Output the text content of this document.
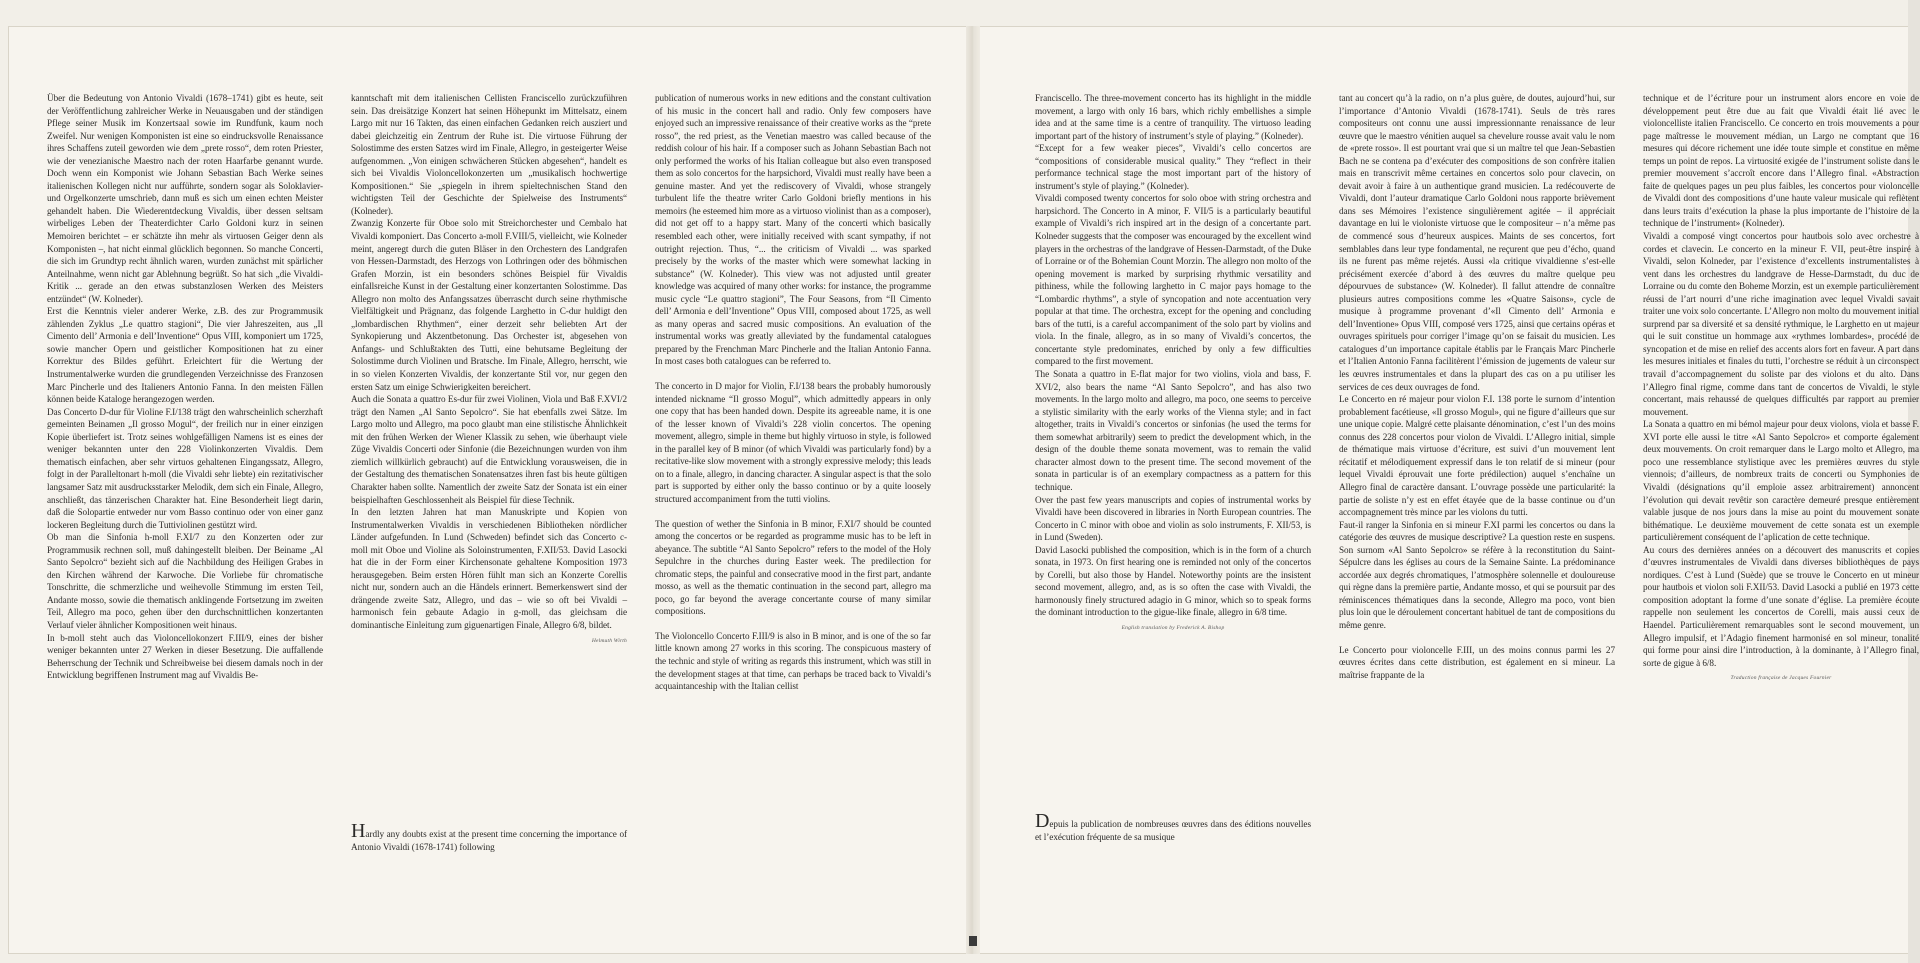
Über die Bedeutung von Antonio Vivaldi (1678–1741) gibt es heute, seit der Veröffentlichung zahlreicher Werke in Neuausgaben und der ständigen Pflege seiner Musik im Konzertsaal sowie im Rundfunk, kaum noch Zweifel. Nur wenigen Komponisten ist eine so eindrucksvolle Renaissance ihres Schaffens zuteil geworden wie dem „prete rosso“, dem roten Priester, wie der venezianische Maestro nach der roten Haarfarbe genannt wurde. Doch wenn ein Komponist wie Johann Sebastian Bach Werke seines italienischen Kollegen nicht nur aufführte, sondern sogar als Soloklavier- und Orgelkonzerte umschrieb, dann muß es sich um einen echten Meister gehandelt haben. Die Wiederentdeckung Vivaldis, über dessen seltsam wirbeliges Leben der Theaterdichter Carlo Goldoni kurz in seinen Memoiren berichtet – er schätzte ihn mehr als virtuosen Geiger denn als Komponisten –, hat nicht einmal glücklich begonnen. So manche Concerti, die sich im Grundtyp recht ähnlich waren, wurden zunächst mit spärlicher Anteilnahme, wenn nicht gar Ablehnung begrüßt. So hat sich „die Vivaldi-Kritik ... gerade an den etwas substanzlosen Werken des Meisters entzündet“ (W. Kolneder).

Erst die Kenntnis vieler anderer Werke, z.B. des zur Programmusik zählenden Zyklus „Le quattro stagioni“, Die vier Jahreszeiten, aus „Il Cimento dell’ Armonia e dell’Inventione“ Opus VIII, komponiert um 1725, sowie mancher Opern und geistlicher Kompositionen hat zu einer Korrektur des Bildes geführt. Erleichtert für die Wertung der Instrumentalwerke wurden die grundlegenden Verzeichnisse des Franzosen Marc Pincherle und des Italieners Antonio Fanna. In den meisten Fällen können beide Kataloge herangezogen werden.

Das Concerto D-dur für Violine F.I/138 trägt den wahrscheinlich scherzhaft gemeinten Beinamen „Il grosso Mogul“, der freilich nur in einer einzigen Kopie überliefert ist. Trotz seines wohlgefälligen Namens ist es eines der weniger bekannten unter den 228 Violinkonzerten Vivaldis. Dem thematisch einfachen, aber sehr virtuos gehaltenen Eingangssatz, Allegro, folgt in der Paralleltonart h-moll (die Vivaldi sehr liebte) ein rezitativischer langsamer Satz mit ausdrucksstarker Melodik, dem sich ein Finale, Allegro, anschließt, das tänzerischen Charakter hat. Eine Besonderheit liegt darin, daß die Solopartie entweder nur vom Basso continuo oder von einer ganz lockeren Begleitung durch die Tuttiviolinen gestützt wird.

Ob man die Sinfonia h-moll F.XI/7 zu den Konzerten oder zur Programmusik rechnen soll, muß dahingestellt bleiben. Der Beiname „Al Santo Sepolcro“ bezieht sich auf die Nachbildung des Heiligen Grabes in den Kirchen während der Karwoche. Die Vorliebe für chromatische Tonschritte, die schmerzliche und weihevolle Stimmung im ersten Teil, Andante mosso, sowie die thematisch anklingende Fortsetzung im zweiten Teil, Allegro ma poco, gehen über den durchschnittlichen konzertanten Verlauf vieler ähnlicher Kompositionen weit hinaus.

In b-moll steht auch das Violoncellokonzert F.III/9, eines der bisher weniger bekannten unter 27 Werken in dieser Besetzung. Die auffallende Beherrschung der Technik und Schreibweise bei diesem damals noch in der Entwicklung begriffenen Instrument mag auf Vivaldis Be-

kanntschaft mit dem italienischen Cellisten Franciscello zurückzuführen sein. Das dreisätzige Konzert hat seinen Höhepunkt im Mittelsatz, einem Largo mit nur 16 Takten, das einen einfachen Gedanken reich ausziert und dabei gleichzeitig ein Zentrum der Ruhe ist. Die virtuose Führung der Solostimme des ersten Satzes wird im Finale, Allegro, in gesteigerter Weise aufgenommen. „Von einigen schwächeren Stücken abgesehen“, handelt es sich bei Vivaldis Violoncellokonzerten um „musikalisch hochwertige Kompositionen.“ Sie „spiegeln in ihrem spieltechnischen Stand den wichtigsten Teil der Geschichte der Spielweise des Instruments“ (Kolneder).

Zwanzig Konzerte für Oboe solo mit Streichorchester und Cembalo hat Vivaldi komponiert. Das Concerto a-moll F.VIII/5, vielleicht, wie Kolneder meint, angeregt durch die guten Bläser in den Orchestern des Landgrafen von Hessen-Darmstadt, des Herzogs von Lothringen oder des böhmischen Grafen Morzin, ist ein besonders schönes Beispiel für Vivaldis einfallsreiche Kunst in der Gestaltung einer konzertanten Solostimme. Das Allegro non molto des Anfangssatzes überrascht durch seine rhythmische Vielfältigkeit und Prägnanz, das folgende Larghetto in C-dur huldigt den „lombardischen Rhythmen“, einer derzeit sehr beliebten Art der Synkopierung und Akzentbetonung. Das Orchester ist, abgesehen von Anfangs- und Schlußtakten des Tutti, eine behutsame Begleitung der Solostimme durch Violinen und Bratsche. Im Finale, Allegro, herrscht, wie in so vielen Konzerten Vivaldis, der konzertante Stil vor, nur gegen den ersten Satz um einige Schwierigkeiten bereichert.

Auch die Sonata a quattro Es-dur für zwei Violinen, Viola und Baß F.XVI/2 trägt den Namen „Al Santo Sepolcro“. Sie hat ebenfalls zwei Sätze. Im Largo molto und Allegro, ma poco glaubt man eine stilistische Ähnlichkeit mit den frühen Werken der Wiener Klassik zu sehen, wie überhaupt viele Züge Vivaldis Concerti oder Sinfonie (die Bezeichnungen wurden von ihm ziemlich willkürlich gebraucht) auf die Entwicklung vorausweisen, die in der Gestaltung des thematischen Sonatensatzes ihren fast bis heute gültigen Charakter haben sollte. Namentlich der zweite Satz der Sonata ist ein einer beispielhaften Geschlossenheit als Beispiel für diese Technik.

In den letzten Jahren hat man Manuskripte und Kopien von Instrumentalwerken Vivaldis in verschiedenen Bibliotheken nördlicher Länder aufgefunden. In Lund (Schweden) befindet sich das Concerto c-moll mit Oboe und Violine als Soloinstrumenten, F.XII/53. David Lasocki hat die in der Form einer Kirchensonate gehaltene Komposition 1973 herausgegeben. Beim ersten Hören fühlt man sich an Konzerte Corellis nicht nur, sondern auch an die Händels erinnert. Bemerkenswert sind der drängende zweite Satz, Allegro, und das – wie so oft bei Vivaldi – harmonisch fein gebaute Adagio in g-moll, das gleichsam die dominantische Einleitung zum giguenartigen Finale, Allegro 6/8, bildet.

Helmuth Wirth

Hardly any doubts exist at the present time concerning the importance of Antonio Vivaldi (1678-1741) following

publication of numerous works in new editions and the constant cultivation of his music in the concert hall and radio. Only few composers have enjoyed such an impressive renaissance of their creative works as the “prete rosso”, the red priest, as the Venetian maestro was called because of the reddish colour of his hair. If a composer such as Johann Sebastian Bach not only performed the works of his Italian colleague but also even transposed them as solo concertos for the harpsichord, Vivaldi must really have been a genuine master. And yet the rediscovery of Vivaldi, whose strangely turbulent life the theatre writer Carlo Goldoni briefly mentions in his memoirs (he esteemed him more as a virtuoso violinist than as a composer), did not get off to a happy start. Many of the concerti which basically resembled each other, were initially received with scant sympathy, if not outright rejection. Thus, “... the criticism of Vivaldi ... was sparked precisely by the works of the master which were somewhat lacking in substance” (W. Kolneder). This view was not adjusted until greater knowledge was acquired of many other works: for instance, the programme music cycle “Le quattro stagioni”, The Four Seasons, from “Il Cimento dell’ Armonia e dell’Inventione” Opus VIII, composed about 1725, as well as many operas and sacred music compositions. An evaluation of the instrumental works was greatly alleviated by the fundamental catalogues prepared by the Frenchman Marc Pincherle and the Italian Antonio Fanna. In most cases both catalogues can be referred to.

The concerto in D major for Violin, F.I/138 bears the probably humorously intended nickname “Il grosso Mogul”, which admittedly appears in only one copy that has been handed down. Despite its agreeable name, it is one of the lesser known of Vivaldi’s 228 violin concertos. The opening movement, allegro, simple in theme but highly virtuoso in style, is followed in the parallel key of B minor (of which Vivaldi was particularly fond) by a recitative-like slow movement with a strongly expressive melody; this leads on to a finale, allegro, in dancing character. A singular aspect is that the solo part is supported by either only the basso continuo or by a quite loosely structured accompaniment from the tutti violins.

The question of wether the Sinfonia in B minor, F.XI/7 should be counted among the concertos or be regarded as programme music has to be left in abeyance. The subtitle “Al Santo Sepolcro” refers to the model of the Holy Sepulchre in the churches during Easter week. The predilection for chromatic steps, the painful and consecrative mood in the first part, andante mosso, as well as the thematic continuation in the second part, allegro ma poco, go far beyond the average concertante course of many similar compositions.

The Violoncello Concerto F.III/9 is also in B minor, and is one of the so far little known among 27 works in this scoring. The conspicuous mastery of the technic and style of writing as regards this instrument, which was still in the development stages at that time, can perhaps be traced back to Vivaldi’s acquaintanceship with the Italian cellist

Franciscello. The three-movement concerto has its highlight in the middle movement, a largo with only 16 bars, which richly embellishes a simple idea and at the same time is a centre of tranquility. The virtuoso leading important part of the history of instrument’s style of playing.” (Kolneder).

“Except for a few weaker pieces”, Vivaldi’s cello concertos are “compositions of considerable musical quality.” They “reflect in their performance technical stage the most important part of the history of instrument’s style of playing.” (Kolneder).

Vivaldi composed twenty concertos for solo oboe with string orchestra and harpsichord. The Concerto in A minor, F. VII/5 is a particularly beautiful example of Vivaldi’s rich inspired art in the design of a concertante part. Kolneder suggests that the composer was encouraged by the excellent wind players in the orchestras of the landgrave of Hessen-Darmstadt, of the Duke of Lorraine or of the Bohemian Count Morzin. The allegro non molto of the opening movement is marked by surprising rhythmic versatility and pithiness, while the following larghetto in C major pays homage to the “Lombardic rhythms”, a style of syncopation and note accentuation very popular at that time. The orchestra, except for the opening and concluding bars of the tutti, is a careful accompaniment of the solo part by violins and viola. In the finale, allegro, as in so many of Vivaldi’s concertos, the concertante style predominates, enriched by only a few difficulties compared to the first movement.

The Sonata a quattro in E-flat major for two violins, viola and bass, F. XVI/2, also bears the name “Al Santo Sepolcro”, and has also two movements. In the largo molto and allegro, ma poco, one seems to perceive a stylistic similarity with the early works of the Vienna style; and in fact altogether, traits in Vivaldi’s concertos or sinfonias (he used the terms for them somewhat arbitrarily) seem to predict the development which, in the design of the double theme sonata movement, was to remain the valid character almost down to the present time. The second movement of the sonata in particular is of an exemplary compactness as a pattern for this technique.

Over the past few years manuscripts and copies of instrumental works by Vivaldi have been discovered in libraries in North European countries. The Concerto in C minor with oboe and violin as solo instruments, F. XII/53, is in Lund (Sweden).

David Lasocki published the composition, which is in the form of a church sonata, in 1973. On first hearing one is reminded not only of the concertos by Corelli, but also those by Handel. Noteworthy points are the insistent second movement, allegro, and, as is so often the case with Vivaldi, the harmonously finely structured adagio in G minor, which so to speak forms the dominant introduction to the gigue-like finale, allegro in 6/8 time.

English translation by Frederick A. Bishop

Depuis la publication de nombreuses œuvres dans des éditions nouvelles et l’exécution fréquente de sa musique

tant au concert qu’à la radio, on n’a plus guère, de doutes, aujourd’hui, sur l’importance d’Antonio Vivaldi (1678-1741). Seuls de très rares compositeurs ont connu une aussi impressionnante renaissance de leur œuvre que le maestro vénitien auquel sa chevelure rousse avait valu le nom de «prete rosso». Il est pourtant vrai que si un maître tel que Jean-Sebastien Bach ne se contena pa d’exécuter des compositions de son confrère italien mais en transcrivit même certaines en concertos solo pour clavecin, on devait avoir à faire à un authentique grand musicien. La redécouverte de Vivaldi, dont l’auteur dramatique Carlo Goldoni nous rapporte brièvement dans ses Mémoires l’existence singulièrement agitée – il appréciait davantage en lui le violoniste virtuose que le compositeur – n’a même pas de commencé sous d’heureux auspices. Maints de ses concertos, fort semblables dans leur type fondamental, ne reçurent que peu d’écho, quand ils ne furent pas même rejetés. Aussi «la critique vivaldienne s’est-elle précisément exercée d’abord à des œuvres du maître quelque peu dépourvues de substance» (W. Kolneder). Il fallut attendre de connaître plusieurs autres compositions comme les «Quatre Saisons», cycle de musique à programme provenant d’«Il Cimento dell’ Armonia e dell’Inventione» Opus VIII, composé vers 1725, ainsi que certains opéras et ouvrages spirituels pour corriger l’image qu’on se faisait du musicien. Les catalogues d’un importance capitale établis par le Français Marc Pincherle et l’Italien Antonio Fanna facilitèrent l’émission de jugements de valeur sur les œuvres instrumentales et dans la plupart des cas on a pu utiliser les services de ces deux ouvrages de fond.

Le Concerto en ré majeur pour violon F.I. 138 porte le surnom d’intention probablement facétieuse, «Il grosso Mogul», qui ne figure d’ailleurs que sur une unique copie. Malgré cette plaisante dénomination, c’est l’un des moins connus des 228 concertos pour violon de Vivaldi. L’Allegro initial, simple de thématique mais virtuose d’écriture, est suivi d’un mouvement lent récitatif et mélodiquement expressif dans le ton relatif de si mineur (pour lequel Vivaldi éprouvait une forte prédilection) auquel s’enchaîne un Allegro final de caractère dansant. L’ouvrage possède une particularité: la partie de soliste n’y est en effet étayée que de la basse continue ou d’un accompagnement très mince par les violons du tutti.

Faut-il ranger la Sinfonia en si mineur F.XI parmi les concertos ou dans la catégorie des œuvres de musique descriptive? La question reste en suspens. Son surnom «Al Santo Sepolcro» se réfère à la reconstitution du Saint-Sépulcre dans les églises au cours de la Semaine Sainte. La prédominance accordée aux degrés chromatiques, l’atmosphère solennelle et douloureuse qui règne dans la première partie, Andante mosso, et qui se poursuit par des réminiscences thématiques dans la seconde, Allegro ma poco, vont bien plus loin que le déroulement concertant habituel de tant de compositions du même genre.

Le Concerto pour violoncelle F.III, un des moins connus parmi les 27 œuvres écrites dans cette distribution, est également en si mineur. La maîtrise frappante de la

technique et de l’écriture pour un instrument alors encore en voie de développement peut être due au fait que Vivaldi était lié avec le violoncelliste italien Franciscello. Ce concerto en trois mouvements a pour page maîtresse le mouvement médian, un Largo ne comptant que 16 mesures qui décore richement une idée toute simple et constitue en même temps un point de repos. La virtuosité exigée de l’instrument soliste dans le premier mouvement s’accroît encore dans l’Allegro final. «Abstraction faite de quelques pages un peu plus faibles, les concertos pour violoncelle de Vivaldi dont des compositions d’une haute valeur musicale qui reflètent dans leurs traits d’exécution la phase la plus importante de l’histoire de la technique de l’instrument» (Kolneder).

Vivaldi a composé vingt concertos pour hautbois solo avec orchestre à cordes et clavecin. Le concerto en la mineur F. VII, peut-être inspiré à Vivaldi, selon Kolneder, par l’existence d’excellents instrumentalistes à vent dans les orchestres du landgrave de Hesse-Darmstadt, du duc de Lorraine ou du comte den Boheme Morzin, est un exemple particulièrement réussi de l’art nourri d’une riche imagination avec lequel Vivaldi savait traiter une voix solo concertante. L’Allegro non molto du mouvement initial surprend par sa diversité et sa densité rythmique, le Larghetto en ut majeur qui le suit constitue un hommage aux «rythmes lombardes», procédé de syncopation et de mise en relief des accents alors fort en faveur. A part dans les mesures initiales et finales du tutti, l’orchestre se réduit à un circonspect travail d’accompagnement du soliste par des violons et du alto. Dans l’Allegro final rigme, comme dans tant de concertos de Vivaldi, le style concertant, mais rehaussé de quelques difficultés par rapport au premier mouvement.

La Sonata a quattro en mi bémol majeur pour deux violons, viola et basse F. XVI porte elle aussi le titre «Al Santo Sepolcro» et comporte également deux mouvements. On croit remarquer dans le Largo molto et Allegro, ma poco une ressemblance stylistique avec les premières œuvres du style viennois; d’ailleurs, de nombreux traits de concerti ou Symphonies de Vivaldi (désignations qu’il emploie assez arbitrairement) annoncent l’évolution qui devait revêtir son caractère demeuré presque entièrement valable jusque de nos jours dans la mise au point du mouvement sonate bithématique. Le deuxième mouvement de cette sonata est un exemple particulièrement conséquent de l’aplication de cette technique.

Au cours des dernières années on a découvert des manuscrits et copies d’œuvres instrumentales de Vivaldi dans diverses bibliothèques de pays nordiques. C’est à Lund (Suède) que se trouve le Concerto en ut mineur pour hautbois et violon soli F.XII/53. David Lasocki a publié en 1973 cette composition adoptant la forme d’une sonate d’église. La première écoute rappelle non seulement les concertos de Corelli, mais aussi ceux de Haendel. Particulièrement remarquables sont le second mouvement, un Allegro impulsif, et l’Adagio finement harmonisé en sol mineur, tonalité qui forme pour ainsi dire l’introduction, à la dominante, à l’Allegro final, sorte de gigue à 6/8.

Traduction française de Jacques Fournier
